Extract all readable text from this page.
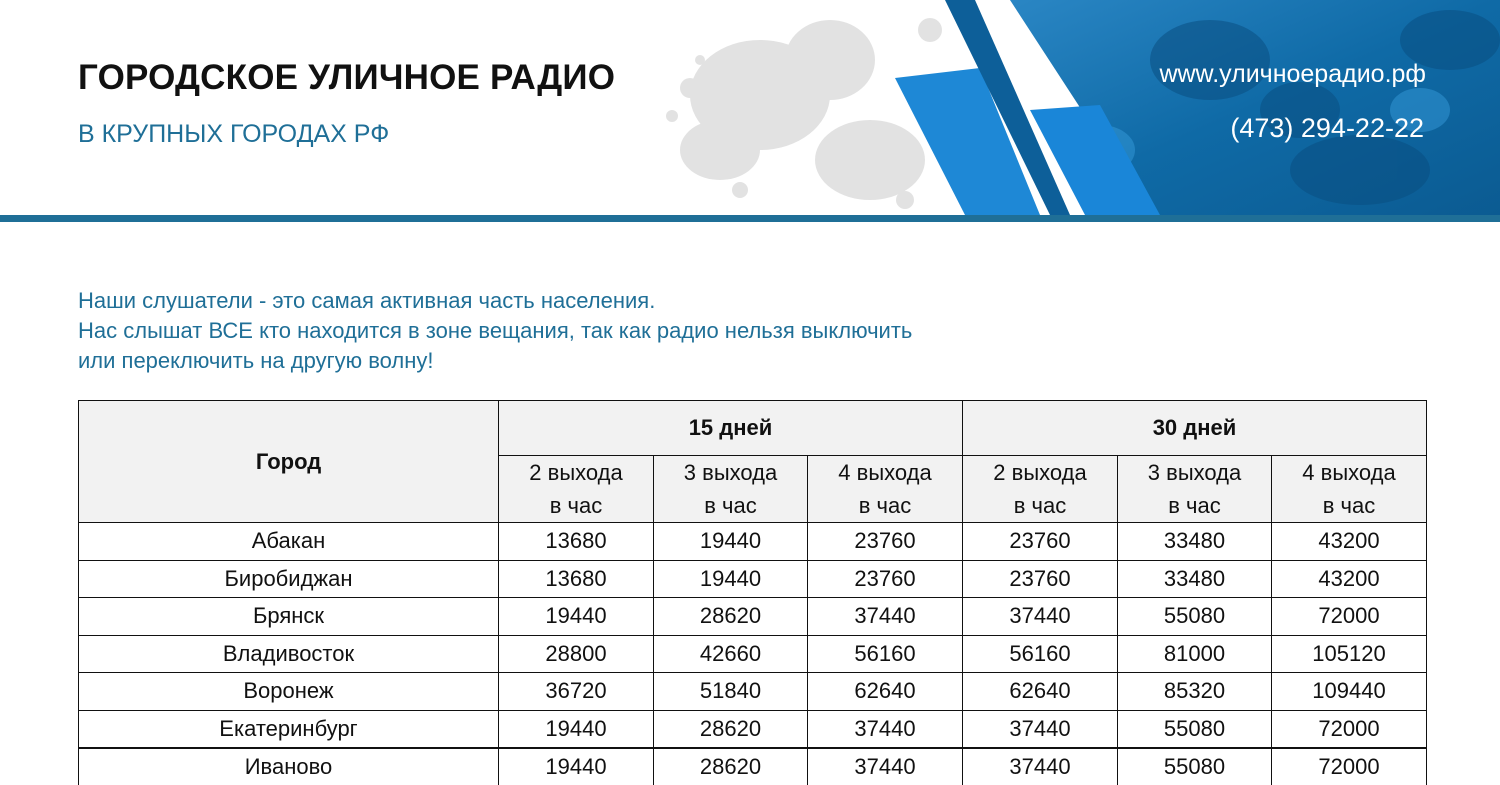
ГОРОДСКОЕ УЛИЧНОЕ РАДИО
В КРУПНЫХ ГОРОДАХ РФ
www.уличноерадио.рф
(473) 294-22-22

Наши слушатели - это самая активная часть населения.

Нас слышат ВСЕ кто находится в зоне вещания, так как радио нельзя выключить

или переключить на другую волну!

Город	15 дней			30 дней		
	2 выхода
в час	3 выхода
в час	4 выхода
в час	2 выхода
в час	3 выхода
в час	4 выхода
в час
Абакан	13680	19440	23760	23760	33480	43200
Биробиджан	13680	19440	23760	23760	33480	43200
Брянск	19440	28620	37440	37440	55080	72000
Владивосток	28800	42660	56160	56160	81000	105120
Воронеж	36720	51840	62640	62640	85320	109440
Екатеринбург	19440	28620	37440	37440	55080	72000
Иваново	19440	28620	37440	37440	55080	72000
